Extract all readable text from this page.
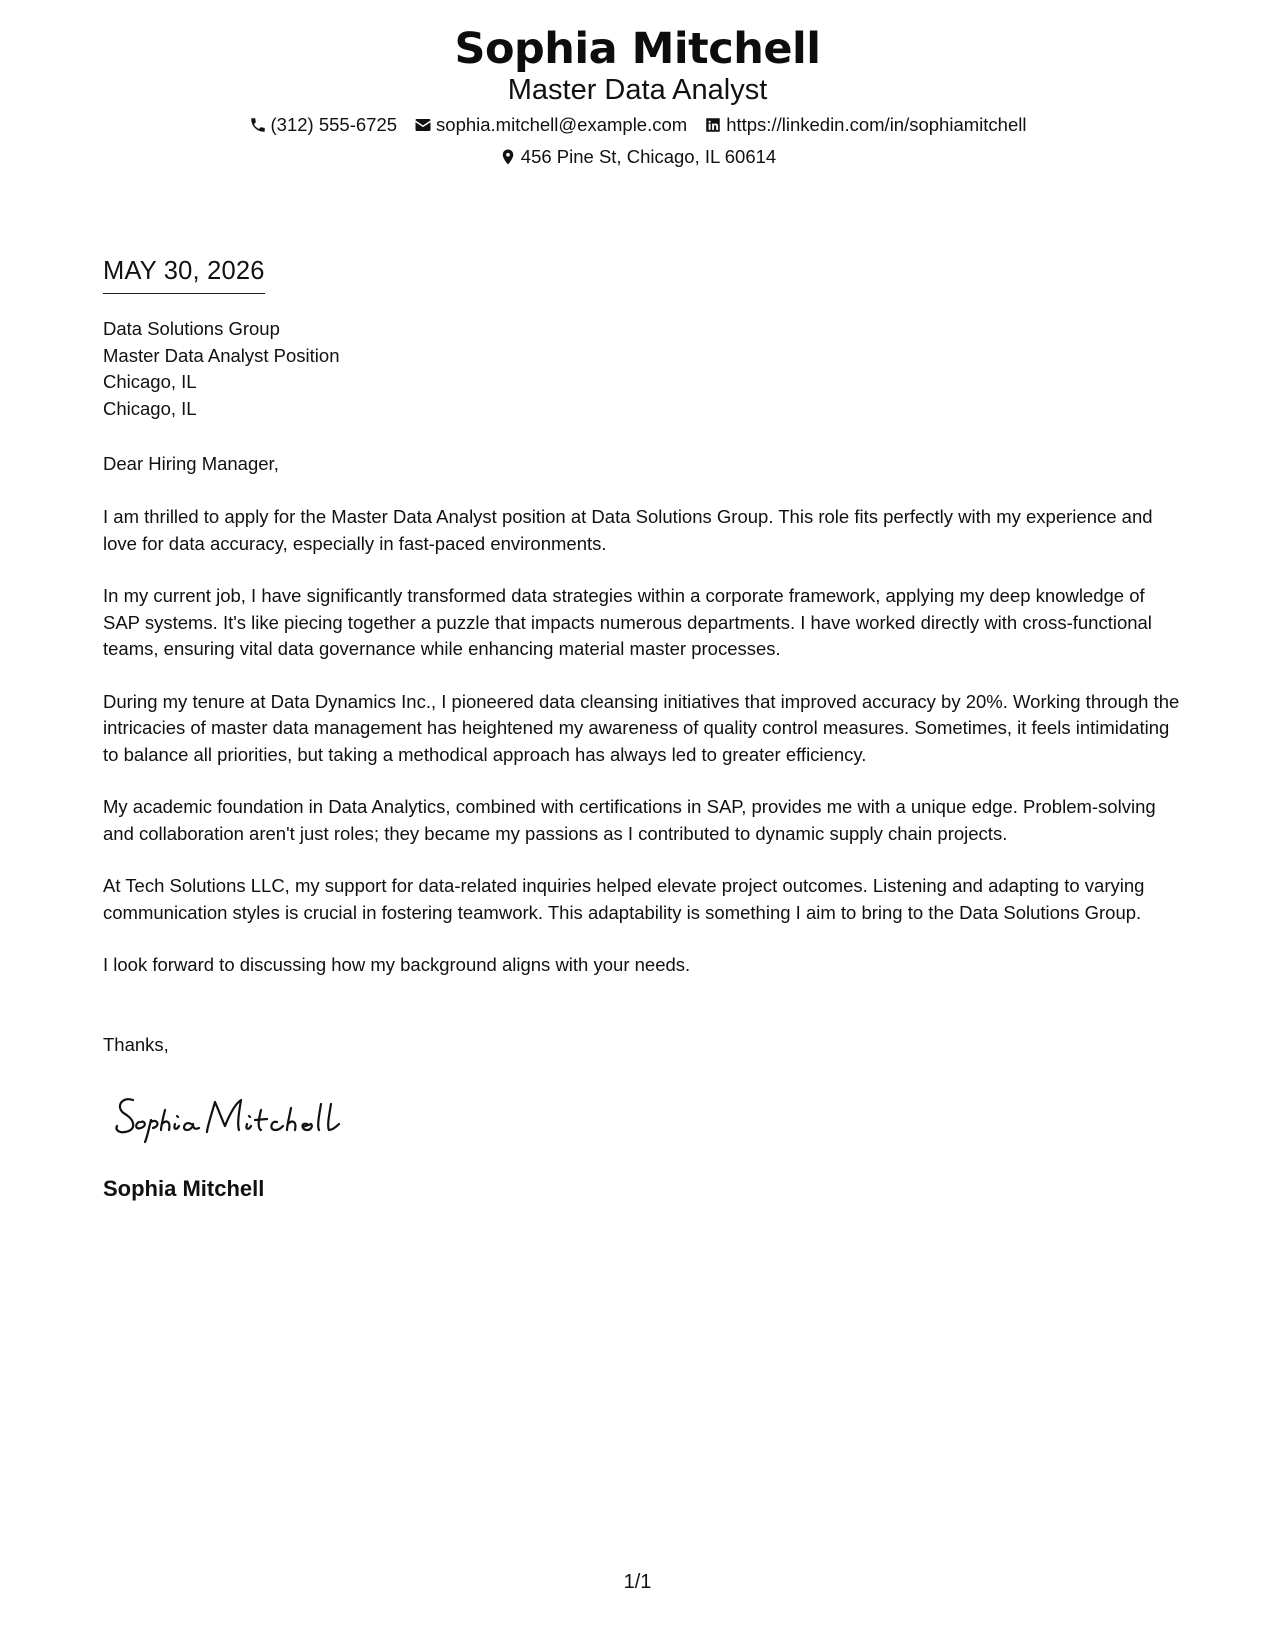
Sophia Mitchell
Master Data Analyst
(312) 555-6725 sophia.mitchell@example.com https://linkedin.com/in/sophiamitchell
456 Pine St, Chicago, IL 60614
MAY 30, 2026
Data Solutions Group
Master Data Analyst Position
Chicago, IL
Chicago, IL
Dear Hiring Manager,

I am thrilled to apply for the Master Data Analyst position at Data Solutions Group. This role fits perfectly with my experience and love for data accuracy, especially in fast-paced environments.

In my current job, I have significantly transformed data strategies within a corporate framework, applying my deep knowledge of SAP systems. It's like piecing together a puzzle that impacts numerous departments. I have worked directly with cross-functional teams, ensuring vital data governance while enhancing material master processes.

During my tenure at Data Dynamics Inc., I pioneered data cleansing initiatives that improved accuracy by 20%. Working through the intricacies of master data management has heightened my awareness of quality control measures. Sometimes, it feels intimidating to balance all priorities, but taking a methodical approach has always led to greater efficiency.

My academic foundation in Data Analytics, combined with certifications in SAP, provides me with a unique edge. Problem-solving and collaboration aren't just roles; they became my passions as I contributed to dynamic supply chain projects.

At Tech Solutions LLC, my support for data-related inquiries helped elevate project outcomes. Listening and adapting to varying communication styles is crucial in fostering teamwork. This adaptability is something I aim to bring to the Data Solutions Group.

I look forward to discussing how my background aligns with your needs.

Thanks,
Sophia Mitchell
1/1
